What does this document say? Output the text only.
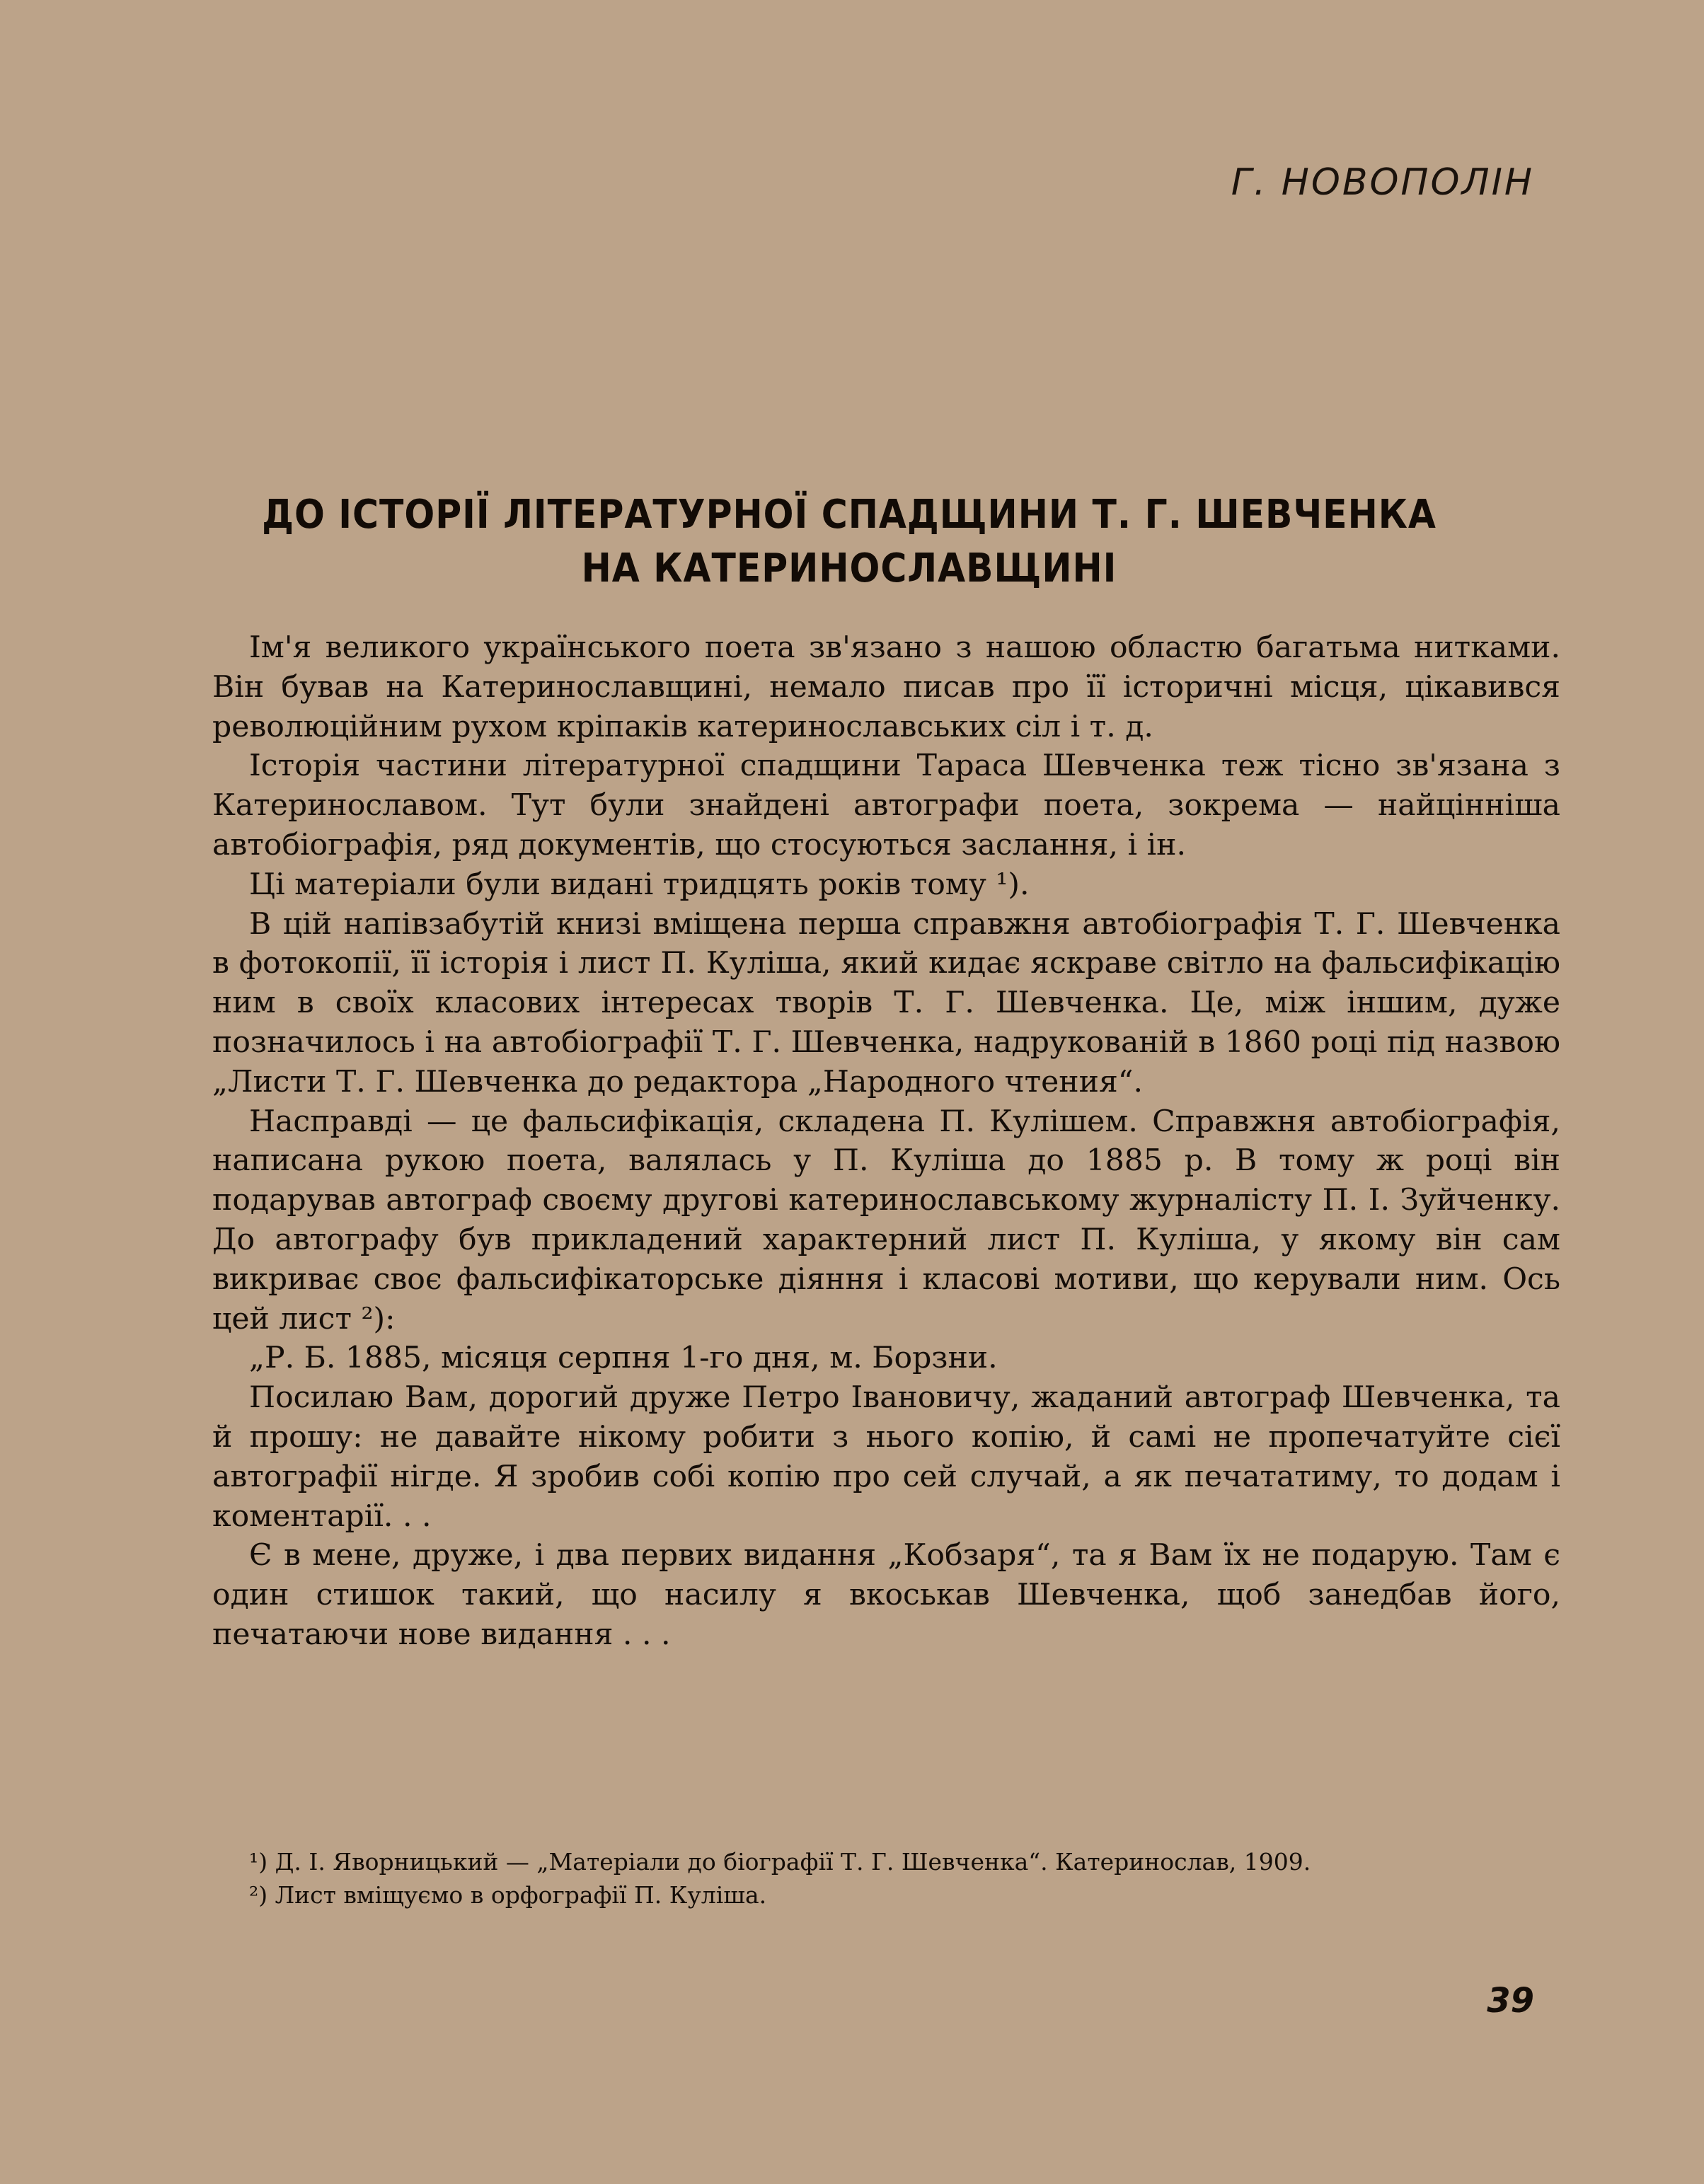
Г. НОВОПОЛІН
ДО ІСТОРІЇ ЛІТЕРАТУРНОЇ СПАДЩИНИ Т. Г. ШЕВЧЕНКА
НА КАТЕРИНОСЛАВЩИНІ

Ім'я великого українського поета зв'язано з нашою областю багатьма нитками. Він бував на Катеринославщині, немало писав про її історичні місця, цікавився революційним рухом кріпаків катеринославських сіл і т. д.

Історія частини літературної спадщини Тараса Шевченка теж тісно зв'язана з Катеринославом. Тут були знайдені автографи поета, зокрема — найцінніша автобіографія, ряд документів, що стосуються заслання, і ін.

Ці матеріали були видані тридцять років тому ¹).

В цій напівзабутій книзі вміщена перша справжня автобіографія Т. Г. Шевченка в фотокопії, її історія і лист П. Куліша, який кидає яскраве світло на фальсифікацію ним в своїх класових інтересах творів Т. Г. Шевченка. Це, між іншим, дуже позначилось і на автобіографії Т. Г. Шевченка, надрукованій в 1860 році під назвою „Листи Т. Г. Шевченка до редактора „Народного чтения“.

Насправді — це фальсифікація, складена П. Кулішем. Справжня автобіографія, написана рукою поета, валялась у П. Куліша до 1885 р. В тому ж році він подарував автограф своєму другові катеринославському журналісту П. І. Зуйченку. До автографу був прикладений характерний лист П. Куліша, у якому він сам викриває своє фальсифікаторське діяння і класові мотиви, що керували ним. Ось цей лист ²):

„Р. Б. 1885, місяця серпня 1-го дня, м. Борзни.

Посилаю Вам, дорогий друже Петро Івановичу, жаданий автограф Шевченка, та й прошу: не давайте нікому робити з нього копію, й самі не пропечатуйте сієї автографії нігде. Я зробив собі копію про сей случай, а як печататиму, то додам і коментарії. . .

Є в мене, друже, і два первих видання „Кобзаря“, та я Вам їх не подарую. Там є один стишок такий, що насилу я вкоськав Шевченка, щоб занедбав його, печатаючи нове видання . . .

¹) Д. І. Яворницький — „Матеріали до біографії Т. Г. Шевченка“. Катеринослав, 1909.

²) Лист вміщуємо в орфографії П. Куліша.

39
